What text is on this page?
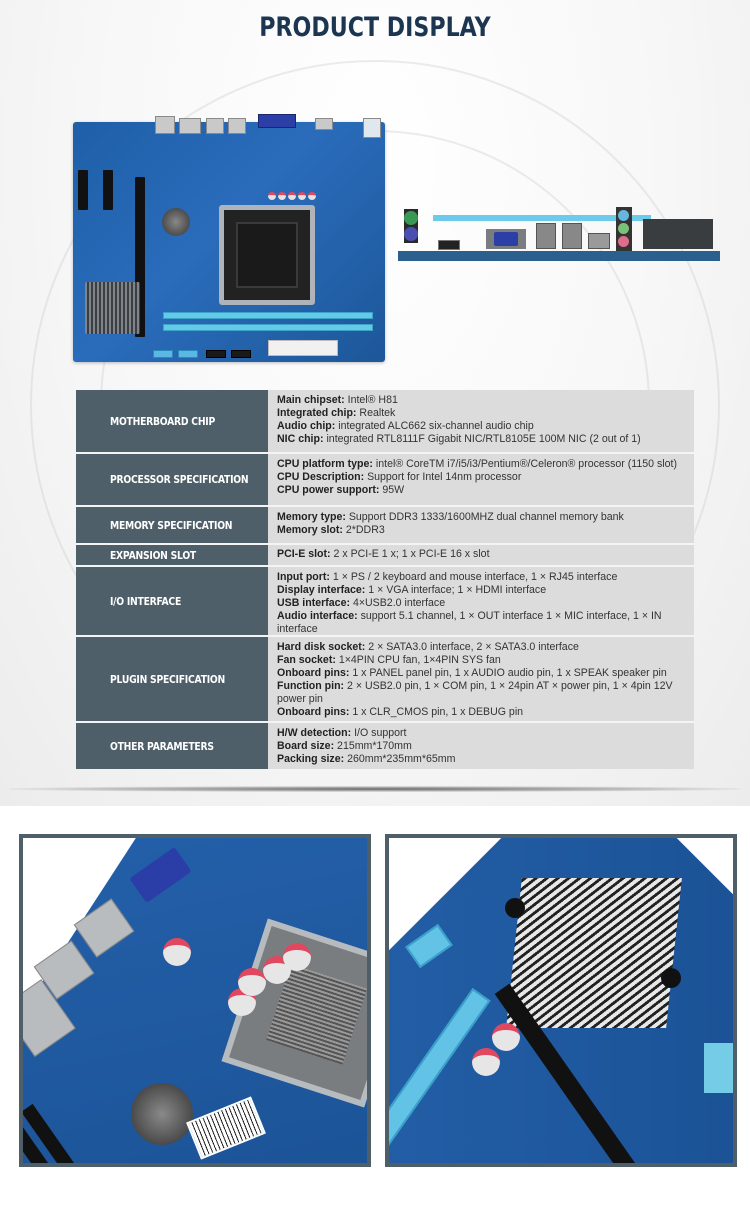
PRODUCT DISPLAY
MOTHERBOARD CHIP
Main chipset: Intel® H81
Integrated chip: Realtek
Audio chip: integrated ALC662 six-channel audio chip
NIC chip: integrated RTL8111F Gigabit NIC/RTL8105E 100M NIC (2 out of 1)
PROCESSOR SPECIFICATION
CPU platform type: intel® CoreTM i7/i5/i3/Pentium®/Celeron® processor (1150 slot)
CPU Description: Support for Intel 14nm processor
CPU power support: 95W
MEMORY SPECIFICATION
Memory type: Support DDR3 1333/1600MHZ dual channel memory bank
Memory slot: 2*DDR3
EXPANSION SLOT	PCI-E slot: 2 x PCI-E 1 x; 1 x PCI-E 16 x slot
I/O INTERFACE
Input port: 1 × PS / 2 keyboard and mouse interface, 1 × RJ45 interface
Display interface: 1 × VGA interface; 1 × HDMI interface
USB interface: 4×USB2.0 interface
Audio interface: support 5.1 channel, 1 × OUT interface 1 × MIC interface, 1 × IN interface
PLUGIN SPECIFICATION
Hard disk socket: 2 × SATA3.0 interface, 2 × SATA3.0 interface
Fan socket: 1×4PIN CPU fan, 1×4PIN SYS fan
Onboard pins: 1 x PANEL panel pin, 1 x AUDIO audio pin, 1 x SPEAK speaker pin
Function pin: 2 × USB2.0 pin, 1 × COM pin, 1 × 24pin AT × power pin, 1 × 4pin 12V power pin
Onboard pins: 1 x CLR_CMOS pin, 1 x DEBUG pin
OTHER PARAMETERS
H/W detection: I/O support
Board size: 215mm*170mm
Packing size: 260mm*235mm*65mm
